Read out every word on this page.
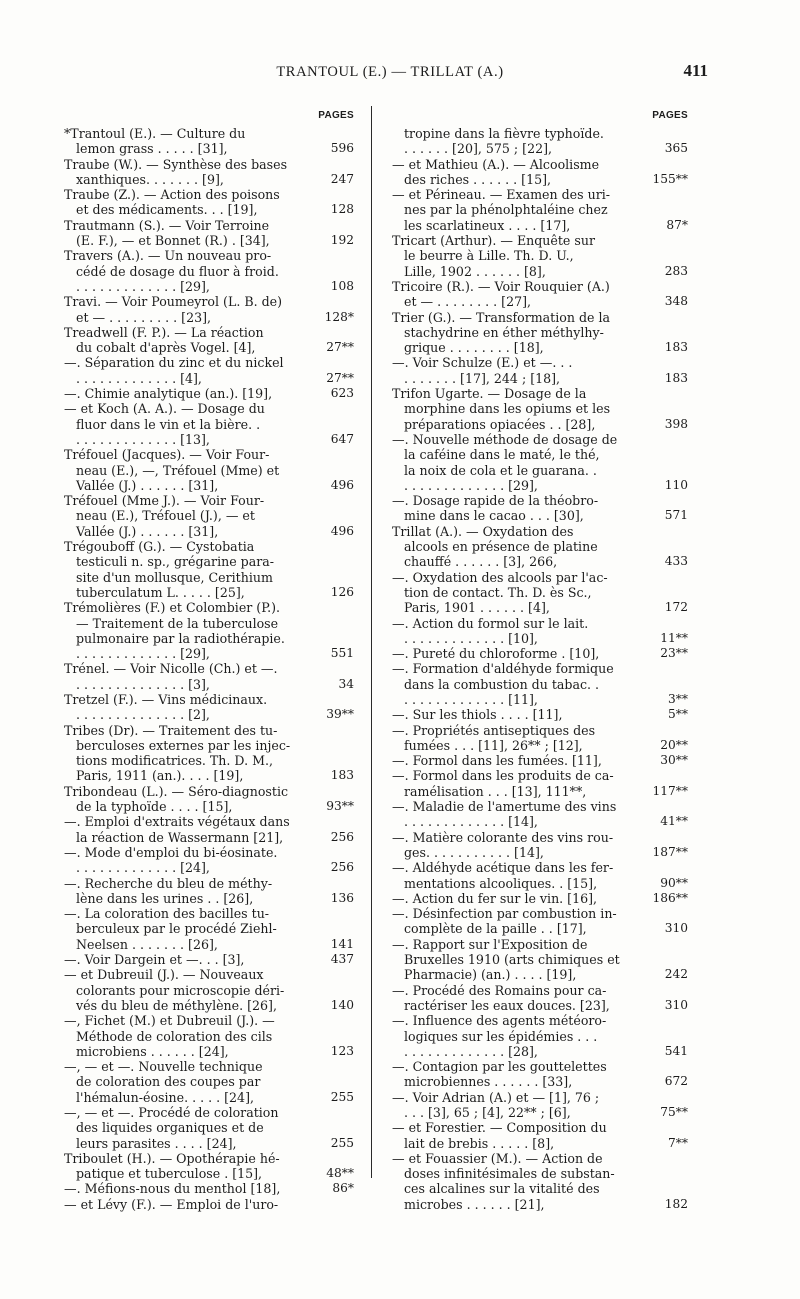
TRANTOUL (E.) — TRILLAT (A.)	411
PAGES
*Trantoul (E.). — Culture du
lemon grass . . . . . [31],	596
Traube (W.). — Synthèse des bases
xanthiques. . . . . . . [9],	247
Traube (Z.). — Action des poisons
et des médicaments. . . [19],	128
Trautmann (S.). — Voir Terroine
(E. F.), — et Bonnet (R.) . [34],	192
Travers (A.). — Un nouveau pro-
cédé de dosage du fluor à froid.
. . . . . . . . . . . . . [29],	108
Travi. — Voir Poumeyrol (L. B. de)
et — . . . . . . . . . [23],	128*
Treadwell (F. P.). — La réaction
du cobalt d'après Vogel. [4],	27**
—. Séparation du zinc et du nickel
. . . . . . . . . . . . . [4],	27**
—. Chimie analytique (an.). [19],	623
— et Koch (A. A.). — Dosage du
fluor dans le vin et la bière. .
. . . . . . . . . . . . . [13],	647
Tréfouel (Jacques). — Voir Four-
neau (E.), —, Tréfouel (Mme) et
Vallée (J.) . . . . . . [31],	496
Tréfouel (Mme J.). — Voir Four-
neau (E.), Tréfouel (J.), — et
Vallée (J.) . . . . . . [31],	496
Trégouboff (G.). — Cystobatia
testiculi n. sp., grégarine para-
site d'un mollusque, Cerithium
tuberculatum L. . . . . [25],	126
Trémolières (F.) et Colombier (P.).
— Traitement de la tuberculose
pulmonaire par la radiothérapie.
. . . . . . . . . . . . . [29],	551
Trénel. — Voir Nicolle (Ch.) et —.
. . . . . . . . . . . . . . [3],	34
Tretzel (F.). — Vins médicinaux.
. . . . . . . . . . . . . . [2],	39**
Tribes (Dr). — Traitement des tu-
berculoses externes par les injec-
tions modificatrices. Th. D. M.,
Paris, 1911 (an.). . . . [19],	183
Tribondeau (L.). — Séro-diagnostic
de la typhoïde . . . . [15],	93**
—. Emploi d'extraits végétaux dans
la réaction de Wassermann [21],	256
—. Mode d'emploi du bi-éosinate.
. . . . . . . . . . . . . [24],	256
—. Recherche du bleu de méthy-
lène dans les urines . . [26],	136
—. La coloration des bacilles tu-
berculeux par le procédé Ziehl-
Neelsen . . . . . . . [26],	141
—. Voir Dargein et —. . . [3],	437
— et Dubreuil (J.). — Nouveaux
colorants pour microscopie déri-
vés du bleu de méthylène. [26],	140
—, Fichet (M.) et Dubreuil (J.). —
Méthode de coloration des cils
microbiens . . . . . . [24],	123
—, — et —. Nouvelle technique
de coloration des coupes par
l'hémalun-éosine. . . . . [24],	255
—, — et —. Procédé de coloration
des liquides organiques et de
leurs parasites . . . . [24],	255
Triboulet (H.). — Opothérapie hé-
patique et tuberculose . [15],	48**
—. Méfions-nous du menthol [18],	86*
— et Lévy (F.). — Emploi de l'uro-
PAGES
tropine dans la fièvre typhoïde.
. . . . . . [20], 575 ; [22],	365
— et Mathieu (A.). — Alcoolisme
des riches . . . . . . [15],	155**
— et Périneau. — Examen des uri-
nes par la phénolphtaléine chez
les scarlatineux . . . . [17],	87*
Tricart (Arthur). — Enquête sur
le beurre à Lille. Th. D. U.,
Lille, 1902 . . . . . . [8],	283
Tricoire (R.). — Voir Rouquier (A.)
et — . . . . . . . . [27],	348
Trier (G.). — Transformation de la
stachydrine en éther méthylhy-
grique . . . . . . . . [18],	183
—. Voir Schulze (E.) et —. . .
. . . . . . . [17], 244 ; [18],	183
Trifon Ugarte. — Dosage de la
morphine dans les opiums et les
préparations opiacées . . [28],	398
—. Nouvelle méthode de dosage de
la caféine dans le maté, le thé,
la noix de cola et le guarana. .
. . . . . . . . . . . . . [29],	110
—. Dosage rapide de la théobro-
mine dans le cacao . . . [30],	571
Trillat (A.). — Oxydation des
alcools en présence de platine
chauffé . . . . . . [3], 266,	433
—. Oxydation des alcools par l'ac-
tion de contact. Th. D. ès Sc.,
Paris, 1901 . . . . . . [4],	172
—. Action du formol sur le lait.
. . . . . . . . . . . . . [10],	11**
—. Pureté du chloroforme . [10],	23**
—. Formation d'aldéhyde formique
dans la combustion du tabac. .
. . . . . . . . . . . . . [11],	3**
—. Sur les thiols . . . . [11],	5**
—. Propriétés antiseptiques des
fumées . . . [11], 26** ; [12],	20**
—. Formol dans les fumées. [11],	30**
—. Formol dans les produits de ca-
ramélisation . . . [13], 111**,	117**
—. Maladie de l'amertume des vins
. . . . . . . . . . . . . [14],	41**
—. Matière colorante des vins rou-
ges. . . . . . . . . . . [14],	187**
—. Aldéhyde acétique dans les fer-
mentations alcooliques. . [15],	90**
—. Action du fer sur le vin. [16],	186**
—. Désinfection par combustion in-
complète de la paille . . [17],	310
—. Rapport sur l'Exposition de
Bruxelles 1910 (arts chimiques et
Pharmacie) (an.) . . . . [19],	242
—. Procédé des Romains pour ca-
ractériser les eaux douces. [23],	310
—. Influence des agents météoro-
logiques sur les épidémies . . .
. . . . . . . . . . . . . [28],	541
—. Contagion par les gouttelettes
microbiennes . . . . . . [33],	672
—. Voir Adrian (A.) et — [1], 76 ;
. . . [3], 65 ; [4], 22** ; [6],	75**
— et Forestier. — Composition du
lait de brebis . . . . . [8],	7**
— et Fouassier (M.). — Action de
doses infinitésimales de substan-
ces alcalines sur la vitalité des
microbes . . . . . . [21],	182
